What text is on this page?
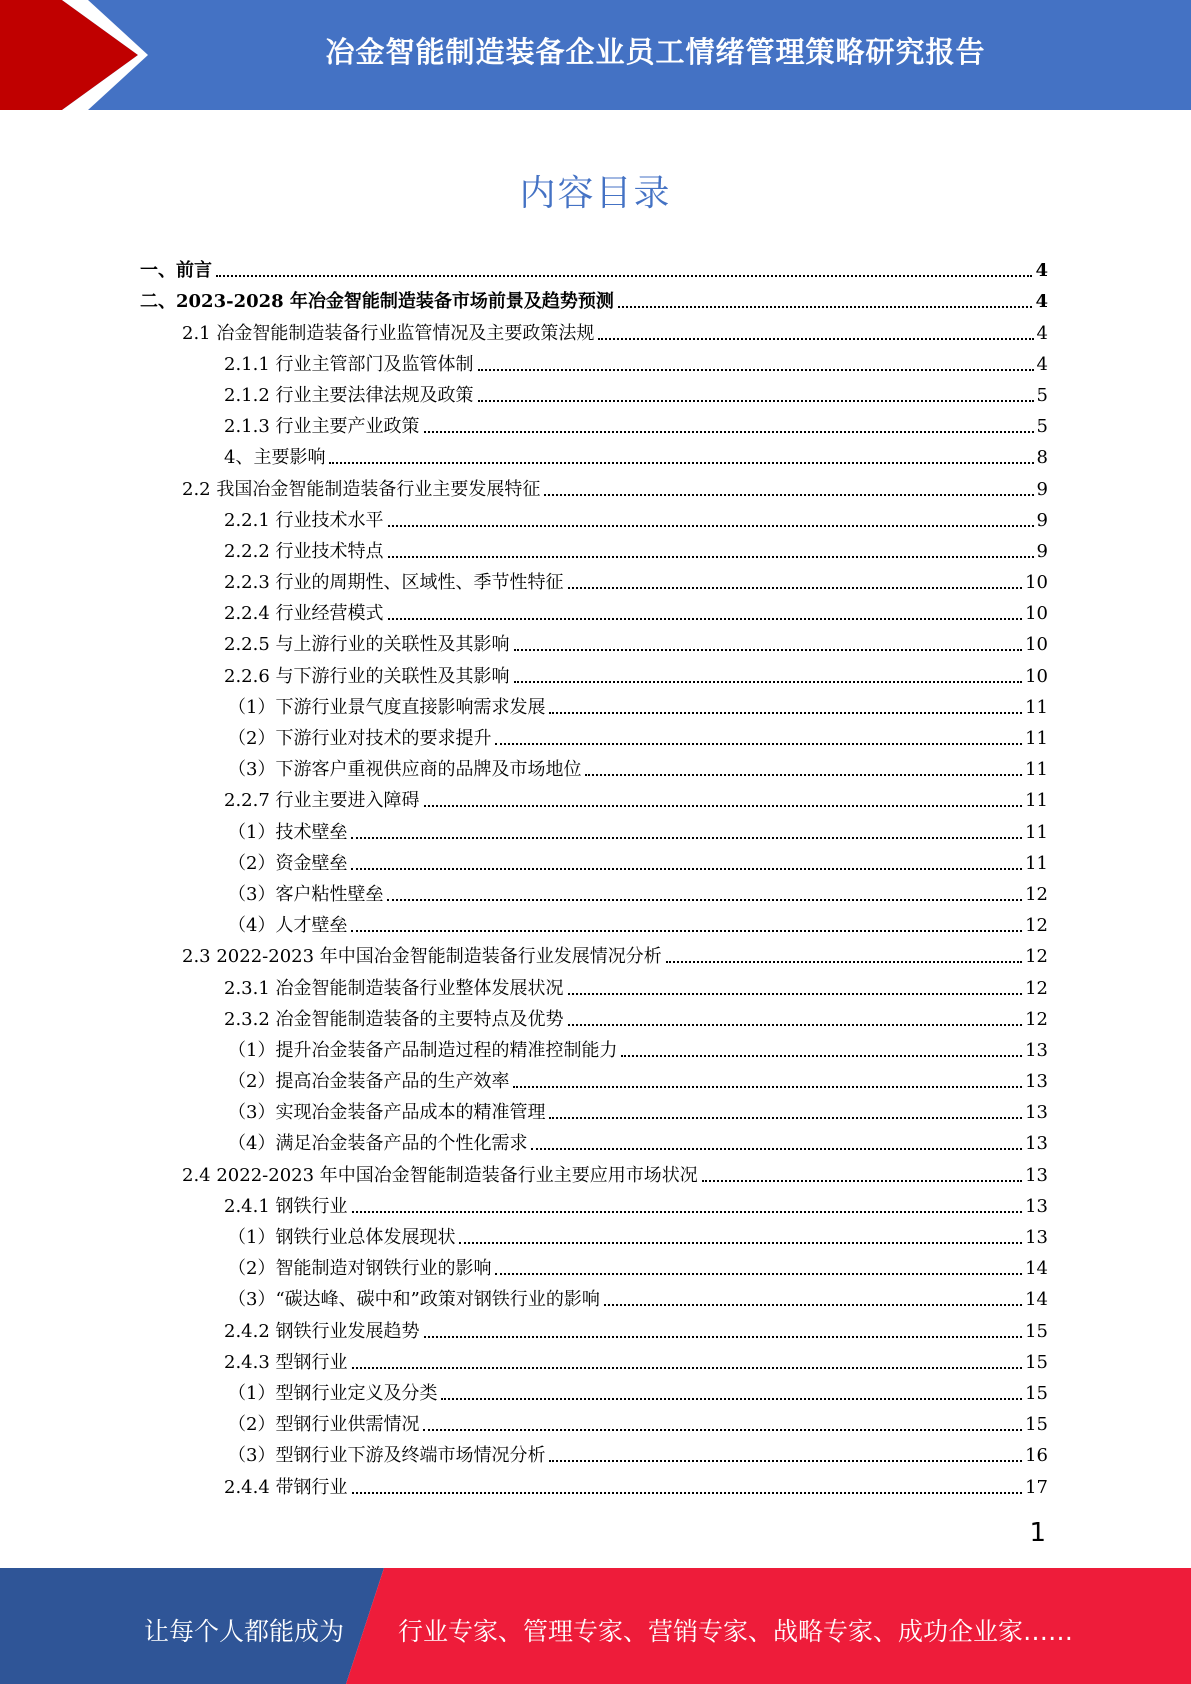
冶金智能制造装备企业员工情绪管理策略研究报告
内容目录
一、前言	4
二、2023-2028 年冶金智能制造装备市场前景及趋势预测	4
2.1 冶金智能制造装备行业监管情况及主要政策法规	4
2.1.1 行业主管部门及监管体制	4
2.1.2 行业主要法律法规及政策	5
2.1.3 行业主要产业政策	5
4、主要影响	8
2.2 我国冶金智能制造装备行业主要发展特征	9
2.2.1 行业技术水平	9
2.2.2 行业技术特点	9
2.2.3 行业的周期性、区域性、季节性特征	10
2.2.4 行业经营模式	10
2.2.5 与上游行业的关联性及其影响	10
2.2.6 与下游行业的关联性及其影响	10
（1）下游行业景气度直接影响需求发展	11
（2）下游行业对技术的要求提升	11
（3）下游客户重视供应商的品牌及市场地位	11
2.2.7 行业主要进入障碍	11
（1）技术壁垒	11
（2）资金壁垒	11
（3）客户粘性壁垒	12
（4）人才壁垒	12
2.3 2022-2023 年中国冶金智能制造装备行业发展情况分析	12
2.3.1 冶金智能制造装备行业整体发展状况	12
2.3.2 冶金智能制造装备的主要特点及优势	12
（1）提升冶金装备产品制造过程的精准控制能力	13
（2）提高冶金装备产品的生产效率	13
（3）实现冶金装备产品成本的精准管理	13
（4）满足冶金装备产品的个性化需求	13
2.4 2022-2023 年中国冶金智能制造装备行业主要应用市场状况	13
2.4.1 钢铁行业	13
（1）钢铁行业总体发展现状	13
（2）智能制造对钢铁行业的影响	14
（3）“碳达峰、碳中和”政策对钢铁行业的影响	14
2.4.2 钢铁行业发展趋势	15
2.4.3 型钢行业	15
（1）型钢行业定义及分类	15
（2）型钢行业供需情况	15
（3）型钢行业下游及终端市场情况分析	16
2.4.4 带钢行业	17
1
让每个人都能成为 行业专家、管理专家、营销专家、战略专家、成功企业家……
